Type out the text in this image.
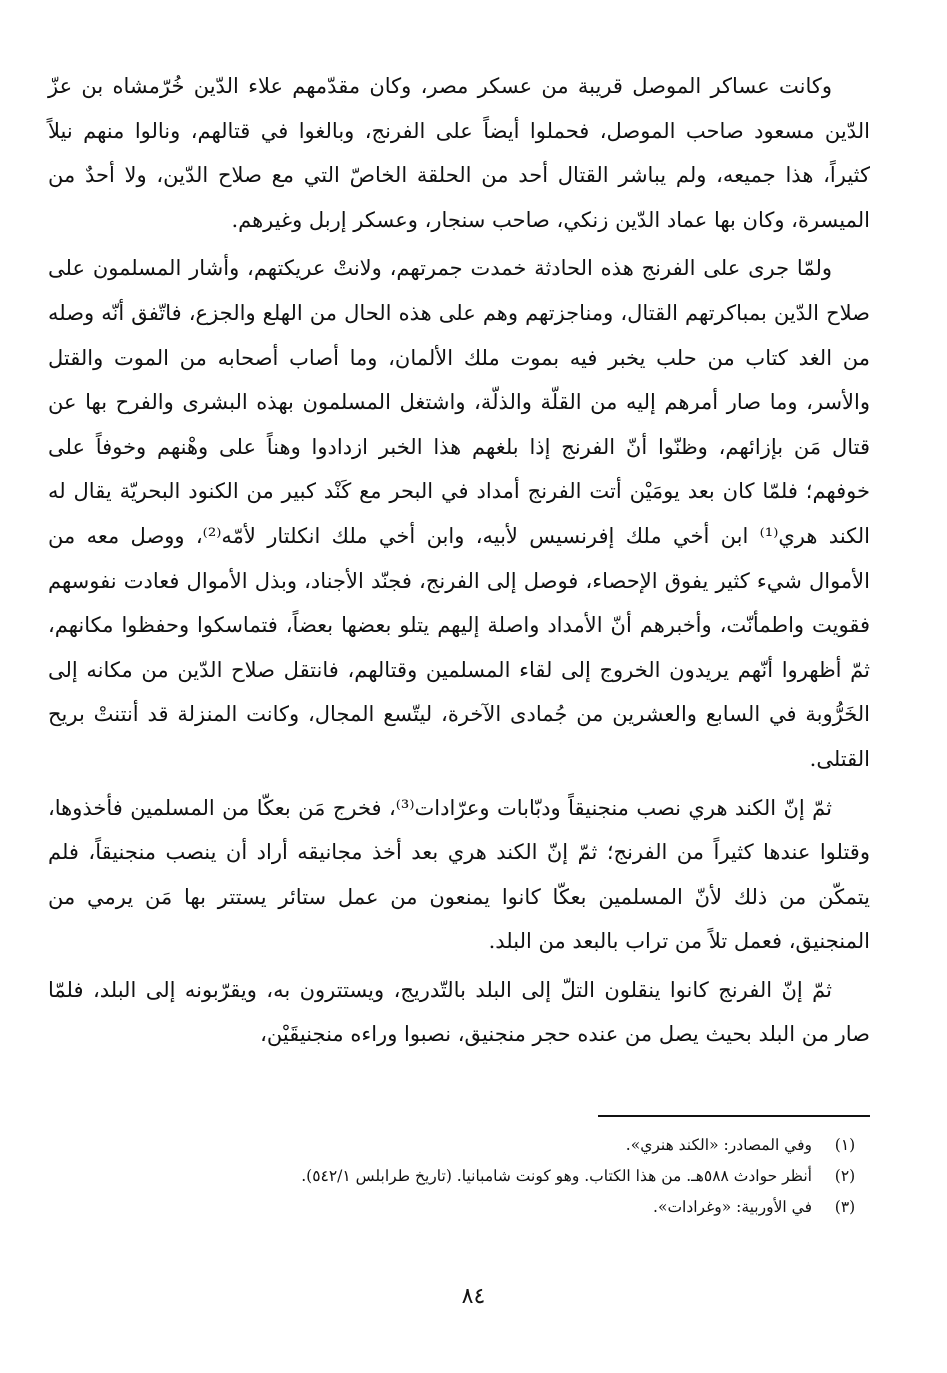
وكانت عساكر الموصل قريبة من عسكر مصر، وكان مقدّمهم علاء الدّين خُرّمشاه بن عزّ الدّين مسعود صاحب الموصل، فحملوا أيضاً على الفرنج، وبالغوا في قتالهم، ونالوا منهم نيلاً كثيراً، هذا جميعه، ولم يباشر القتال أحد من الحلقة الخاصّ التي مع صلاح الدّين، ولا أحدٌ من الميسرة، وكان بها عماد الدّين زنكي، صاحب سنجار، وعسكر إربل وغيرهم.

ولمّا جرى على الفرنج هذه الحادثة خمدت جمرتهم، ولانتْ عريكتهم، وأشار المسلمون على صلاح الدّين بمباكرتهم القتال، ومناجزتهم وهم على هذه الحال من الهلع والجزع، فاتّفق أنّه وصله من الغد كتاب من حلب يخبر فيه بموت ملك الألمان، وما أصاب أصحابه من الموت والقتل والأسر، وما صار أمرهم إليه من القلّة والذلّة، واشتغل المسلمون بهذه البشرى والفرح بها عن قتال مَن بإزائهم، وظنّوا أنّ الفرنج إذا بلغهم هذا الخبر ازدادوا وهناً على وهْنهم وخوفاً على خوفهم؛ فلمّا كان بعد يومَيْن أتت الفرنج أمداد في البحر مع كَنْد كبير من الكنود البحريّة يقال له الكند هري⁽¹⁾ ابن أخي ملك إفرنسيس لأبيه، وابن أخي ملك انكلتار لأمّه⁽²⁾، ووصل معه من الأموال شيء كثير يفوق الإحصاء، فوصل إلى الفرنج، فجنّد الأجناد، وبذل الأموال فعادت نفوسهم فقويت واطمأنّت، وأخبرهم أنّ الأمداد واصلة إليهم يتلو بعضها بعضاً، فتماسكوا وحفظوا مكانهم، ثمّ أظهروا أنّهم يريدون الخروج إلى لقاء المسلمين وقتالهم، فانتقل صلاح الدّين من مكانه إلى الخَرُّوبة في السابع والعشرين من جُمادى الآخرة، ليتّسع المجال، وكانت المنزلة قد أنتنتْ بريح القتلى.

ثمّ إنّ الكند هري نصب منجنيقاً ودبّابات وعرّادات⁽³⁾، فخرج مَن بعكّا من المسلمين فأخذوها، وقتلوا عندها كثيراً من الفرنج؛ ثمّ إنّ الكند هري بعد أخذ مجانيقه أراد أن ينصب منجنيقاً، فلم يتمكّن من ذلك لأنّ المسلمين بعكّا كانوا يمنعون من عمل ستائر يستتر بها مَن يرمي من المنجنيق، فعمل تلاً من تراب بالبعد من البلد.

ثمّ إنّ الفرنج كانوا ينقلون التلّ إلى البلد بالتّدريج، ويستترون به، ويقرّبونه إلى البلد، فلمّا صار من البلد بحيث يصل من عنده حجر منجنيق، نصبوا وراءه منجنيقَيْن،

(١)
وفي المصادر: «الكند هنري».
(٢)
أنظر حوادث ٥٨٨هـ. من هذا الكتاب. وهو كونت شامبانيا. (تاريخ طرابلس ٥٤٢/١).
(٣)
في الأوربية: «وغرادات».
٨٤
